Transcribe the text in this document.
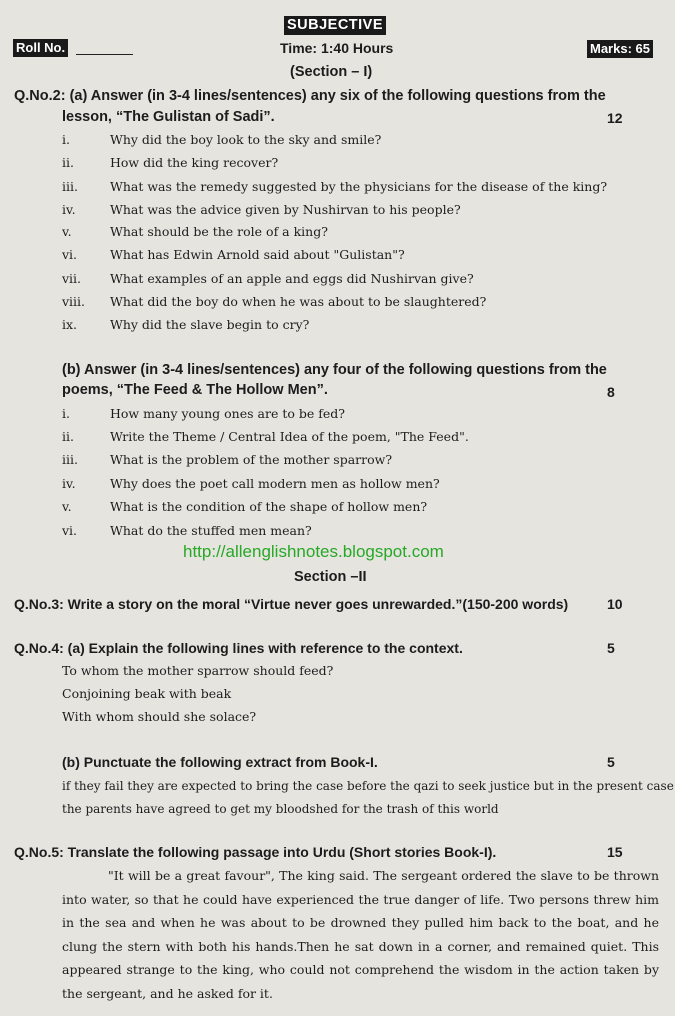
SUBJECTIVE
Roll No.	Time: 1:40 Hours	Marks: 65
(Section – I)
Q.No.2: (a) Answer (in 3-4 lines/sentences) any six of the following questions from the
lesson, “The Gulistan of Sadi”.	12
i.	Why did the boy look to the sky and smile?
ii.	How did the king recover?
iii.	What was the remedy suggested by the physicians for the disease of the king?
iv.	What was the advice given by Nushirvan to his people?
v.	What should be the role of a king?
vi.	What has Edwin Arnold said about "Gulistan"?
vii. What examples of an apple and eggs did Nushirvan give?
viii. What did the boy do when he was about to be slaughtered?
ix.	Why did the slave begin to cry?
(b) Answer (in 3-4 lines/sentences) any four of the following questions from the
poems, “The Feed & The Hollow Men”.	8
i.	How many young ones are to be fed?
ii.	Write the Theme / Central Idea of the poem, "The Feed".
iii.	What is the problem of the mother sparrow?
iv.	Why does the poet call modern men as hollow men?
v.	What is the condition of the shape of hollow men?
vi.	What do the stuffed men mean?
http://allenglishnotes.blogspot.com
Section –II
Q.No.3: Write a story on the moral “Virtue never goes unrewarded.”(150-200 words)	10
Q.No.4: (a) Explain the following lines with reference to the context.	5
To whom the mother sparrow should feed?
Conjoining beak with beak
With whom should she solace?
(b) Punctuate the following extract from Book-I.	5
if they fail they are expected to bring the case before the qazi to seek justice but in the present case
the parents have agreed to get my bloodshed for the trash of this world
Q.No.5: Translate the following passage into Urdu (Short stories Book-I).	15
"It will be a great favour", The king said. The sergeant ordered the slave to be thrown into water, so that he could have experienced the true danger of life. Two persons threw him in the sea and when he was about to be drowned they pulled him back to the boat, and he clung the stern with both his hands.Then he sat down in a corner, and remained quiet. This appeared strange to the king, who could not comprehend the wisdom in the action taken by the sergeant, and he asked for it.
